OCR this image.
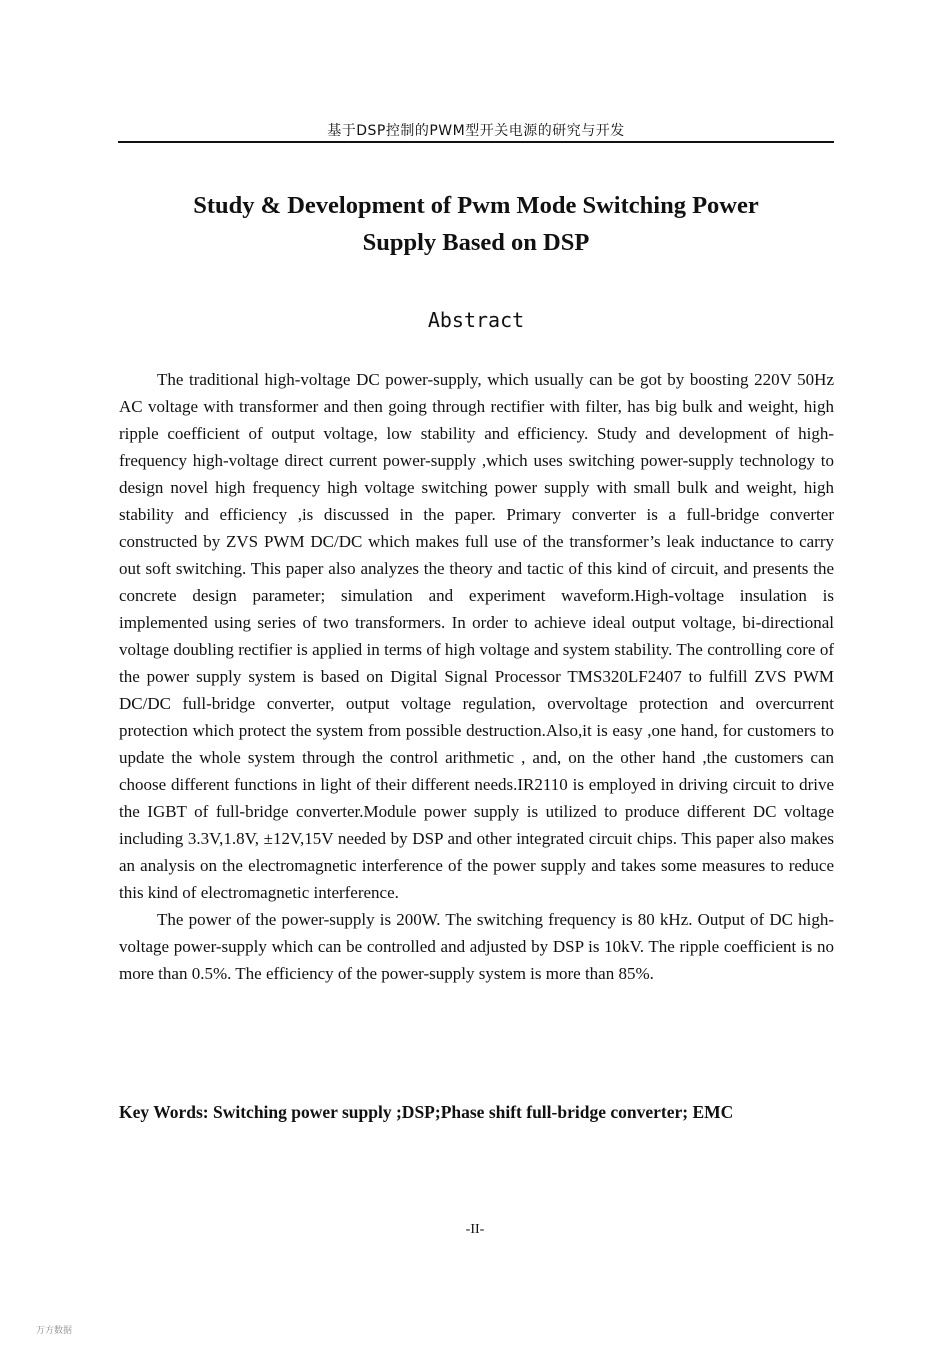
基于DSP控制的PWM型开关电源的研究与开发
Study & Development of Pwm Mode Switching Power
Supply Based on DSP
Abstract

The traditional high-voltage DC power-supply, which usually can be got by boosting 220V 50Hz AC voltage with transformer and then going through rectifier with filter, has big bulk and weight, high ripple coefficient of output voltage, low stability and efficiency. Study and development of high-frequency high-voltage direct current power-supply ,which uses switching power-supply technology to design novel high frequency high voltage switching power supply with small bulk and weight, high stability and efficiency ,is discussed in the paper. Primary converter is a full-bridge converter constructed by ZVS PWM DC/DC which makes full use of the transformer’s leak inductance to carry out soft switching. This paper also analyzes the theory and tactic of this kind of circuit, and presents the concrete design parameter; simulation and experiment waveform.High-voltage insulation is implemented using series of two transformers. In order to achieve ideal output voltage, bi-directional voltage doubling rectifier is applied in terms of high voltage and system stability. The controlling core of the power supply system is based on Digital Signal Processor TMS320LF2407 to fulfill ZVS PWM DC/DC full-bridge converter, output voltage regulation, overvoltage protection and overcurrent protection which protect the system from possible destruction.Also,it is easy ,one hand, for customers to update the whole system through the control arithmetic , and, on the other hand ,the customers can choose different functions in light of their different needs.IR2110 is employed in driving circuit to drive the IGBT of full-bridge converter.Module power supply is utilized to produce different DC voltage including 3.3V,1.8V, ±12V,15V needed by DSP and other integrated circuit chips. This paper also makes an analysis on the electromagnetic interference of the power supply and takes some measures to reduce this kind of electromagnetic interference.

The power of the power-supply is 200W. The switching frequency is 80 kHz. Output of DC high-voltage power-supply which can be controlled and adjusted by DSP is 10kV. The ripple coefficient is no more than 0.5%. The efficiency of the power-supply system is more than 85%.

Key Words: Switching power supply ;DSP;Phase shift full-bridge converter; EMC
-II-
万方数据
